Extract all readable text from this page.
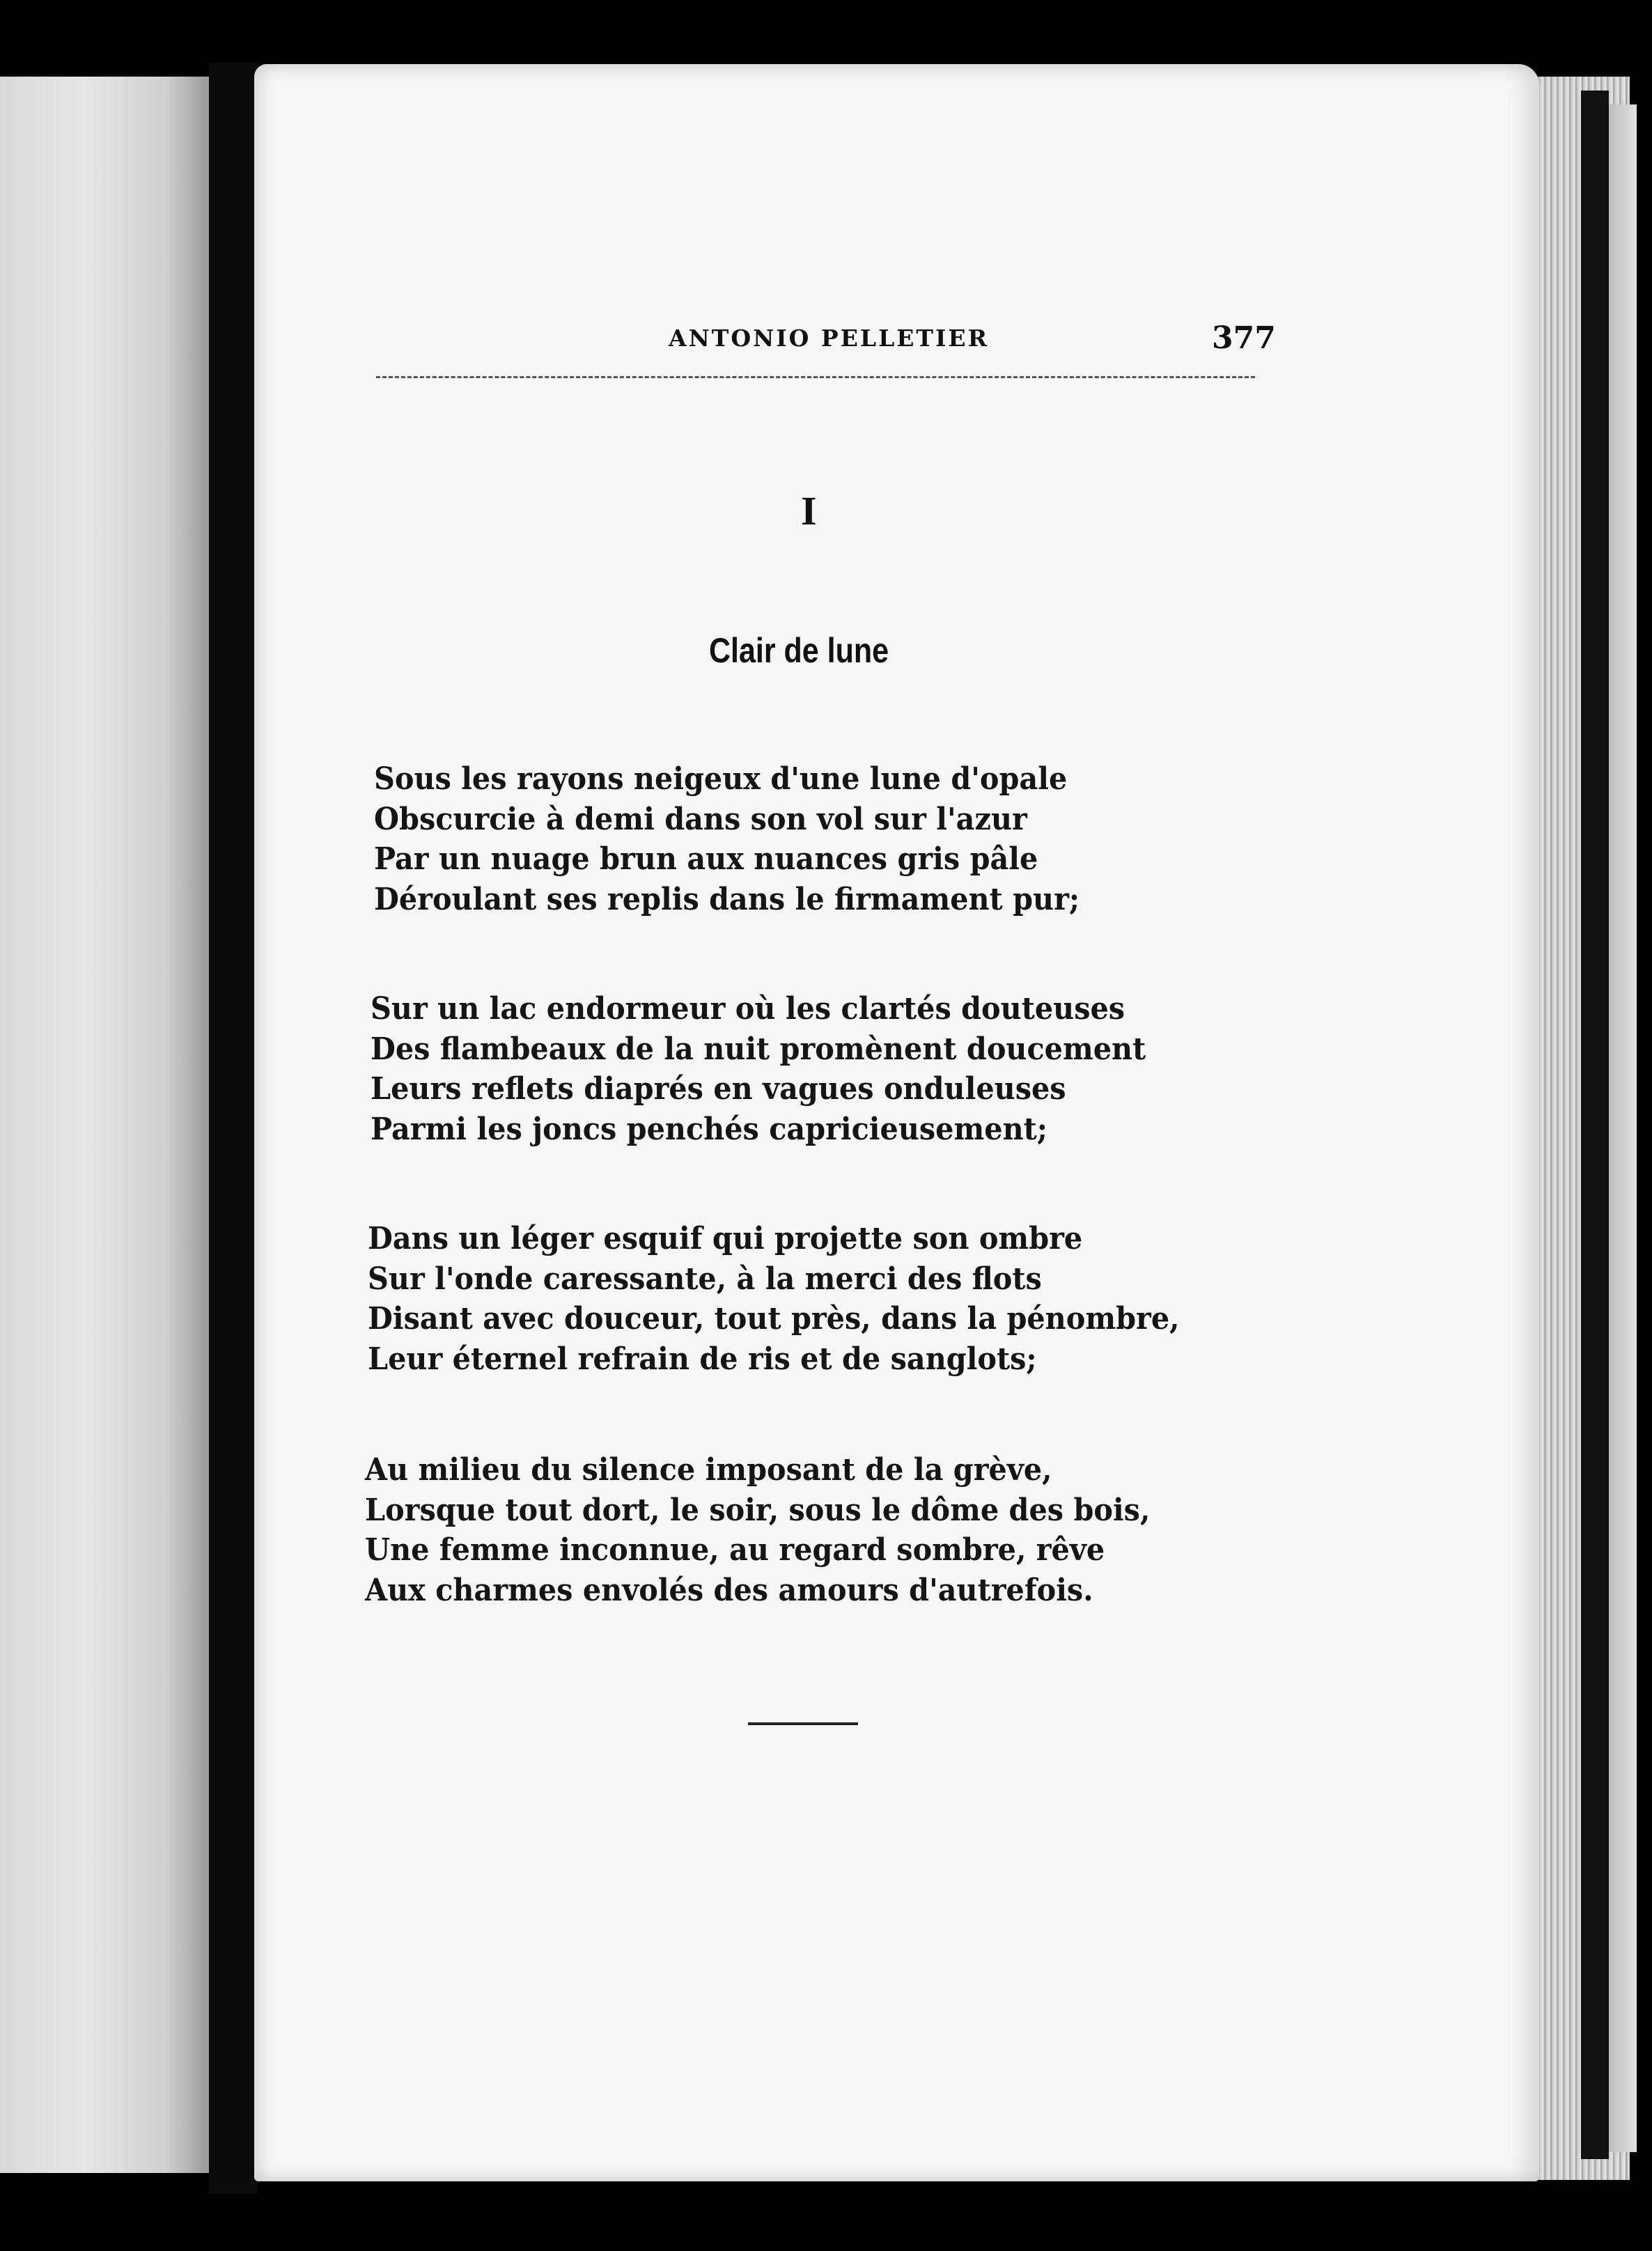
ANTONIO PELLETIER	377
I
Clair de lune
Sous les rayons neigeux d'une lune d'opale
Obscurcie à demi dans son vol sur l'azur
Par un nuage brun aux nuances gris pâle
Déroulant ses replis dans le firmament pur;
Sur un lac endormeur où les clartés douteuses
Des flambeaux de la nuit promènent doucement
Leurs reflets diaprés en vagues onduleuses
Parmi les joncs penchés capricieusement;
Dans un léger esquif qui projette son ombre
Sur l'onde caressante, à la merci des flots
Disant avec douceur, tout près, dans la pénombre,
Leur éternel refrain de ris et de sanglots;
Au milieu du silence imposant de la grève,
Lorsque tout dort, le soir, sous le dôme des bois,
Une femme inconnue, au regard sombre, rêve
Aux charmes envolés des amours d'autrefois.
